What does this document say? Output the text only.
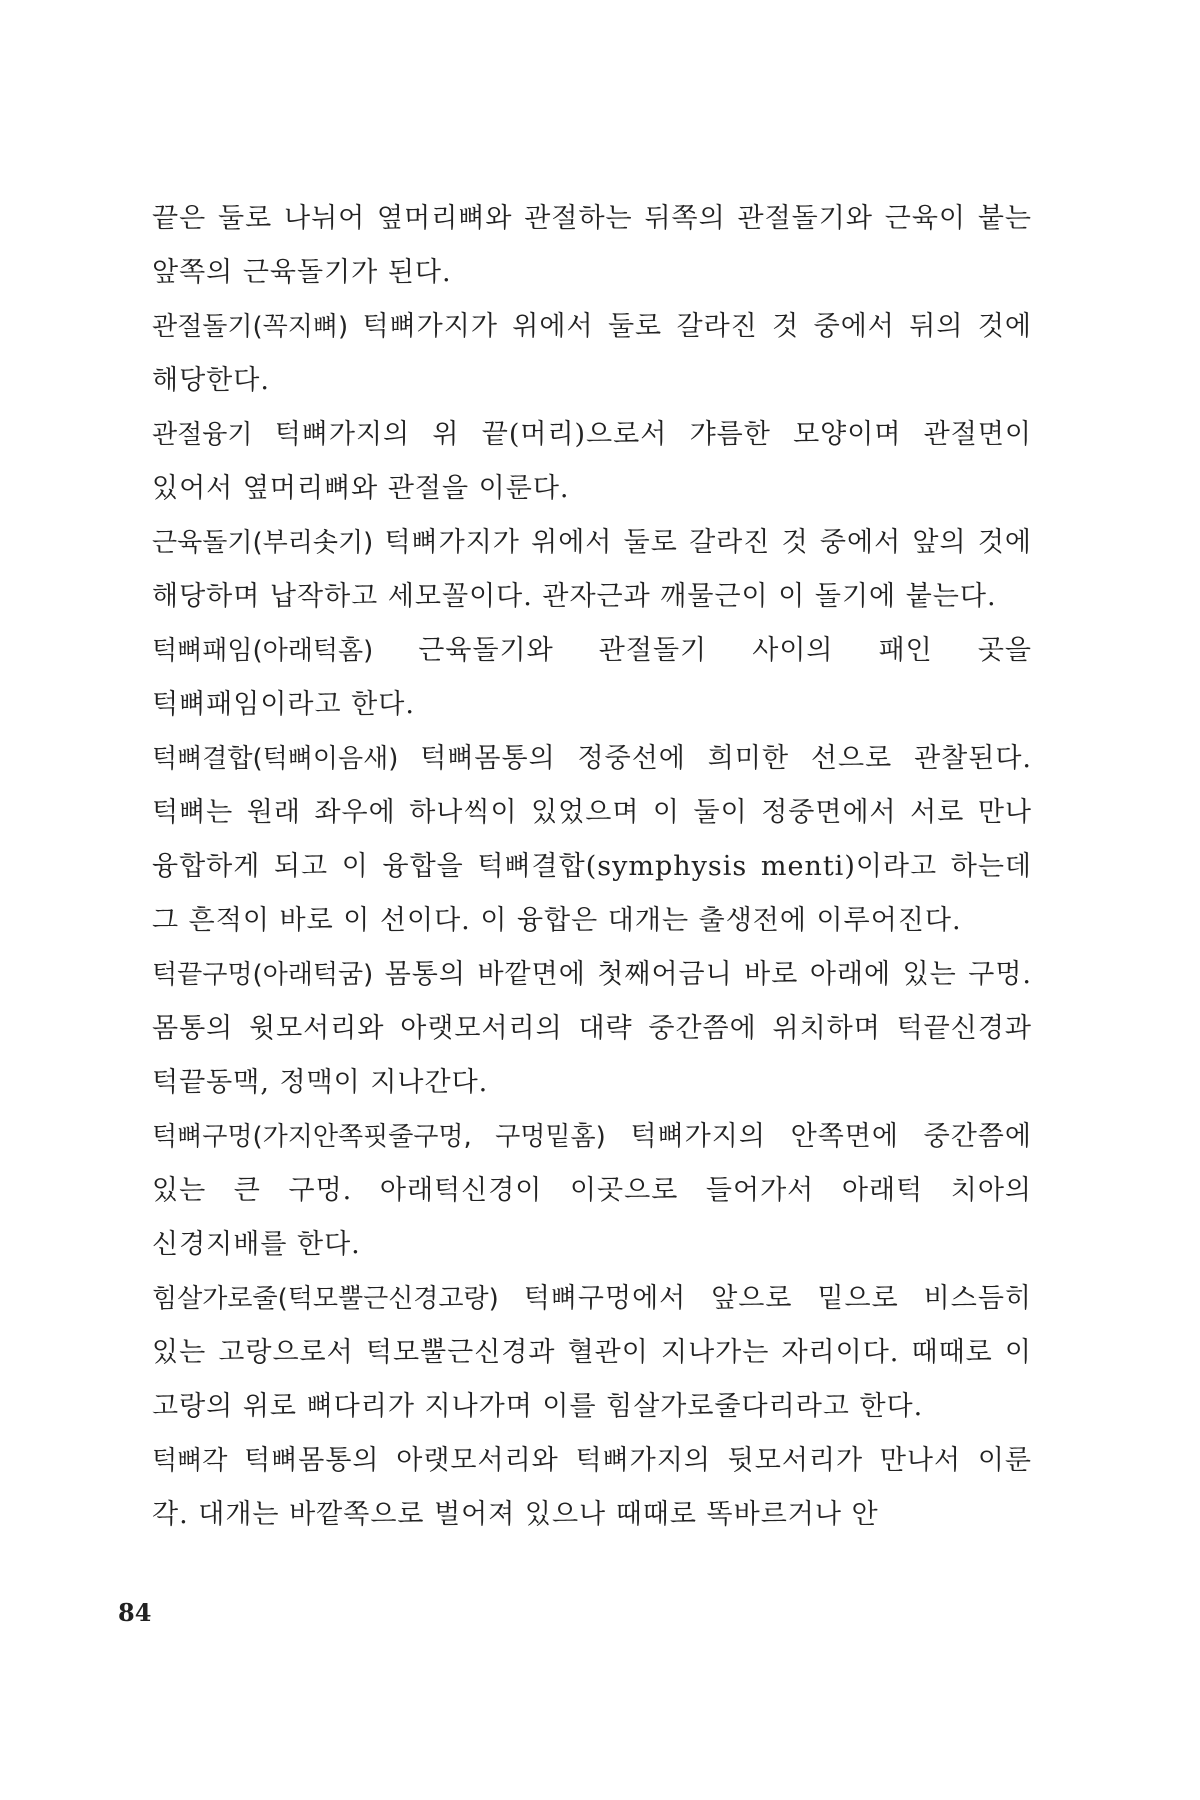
끝은 둘로 나뉘어 옆머리뼈와 관절하는 뒤쪽의 관절돌기와 근육이 붙는 앞쪽의 근육돌기가 된다.

관절돌기(꼭지뼈) 턱뼈가지가 위에서 둘로 갈라진 것 중에서 뒤의 것에 해당한다.

관절융기 턱뼈가지의 위 끝(머리)으로서 갸름한 모양이며 관절면이 있어서 옆머리뼈와 관절을 이룬다.

근육돌기(부리솟기) 턱뼈가지가 위에서 둘로 갈라진 것 중에서 앞의 것에 해당하며 납작하고 세모꼴이다. 관자근과 깨물근이 이 돌기에 붙는다.

턱뼈패임(아래턱홈) 근육돌기와 관절돌기 사이의 패인 곳을 턱뼈패임이라고 한다.

턱뼈결합(턱뼈이음새) 턱뼈몸통의 정중선에 희미한 선으로 관찰된다. 턱뼈는 원래 좌우에 하나씩이 있었으며 이 둘이 정중면에서 서로 만나 융합하게 되고 이 융합을 턱뼈결합(symphysis menti)이라고 하는데 그 흔적이 바로 이 선이다. 이 융합은 대개는 출생전에 이루어진다.

턱끝구멍(아래턱굼) 몸통의 바깥면에 첫째어금니 바로 아래에 있는 구멍. 몸통의 윗모서리와 아랫모서리의 대략 중간쯤에 위치하며 턱끝신경과 턱끝동맥, 정맥이 지나간다.

턱뼈구멍(가지안쪽핏줄구멍, 구멍밑홈) 턱뼈가지의 안쪽면에 중간쯤에 있는 큰 구멍. 아래턱신경이 이곳으로 들어가서 아래턱 치아의 신경지배를 한다.

힘살가로줄(턱모뿔근신경고랑) 턱뼈구멍에서 앞으로 밑으로 비스듬히 있는 고랑으로서 턱모뿔근신경과 혈관이 지나가는 자리이다. 때때로 이 고랑의 위로 뼈다리가 지나가며 이를 힘살가로줄다리라고 한다.

턱뼈각 턱뼈몸통의 아랫모서리와 턱뼈가지의 뒷모서리가 만나서 이룬 각. 대개는 바깥쪽으로 벌어져 있으나 때때로 똑바르거나 안

84
